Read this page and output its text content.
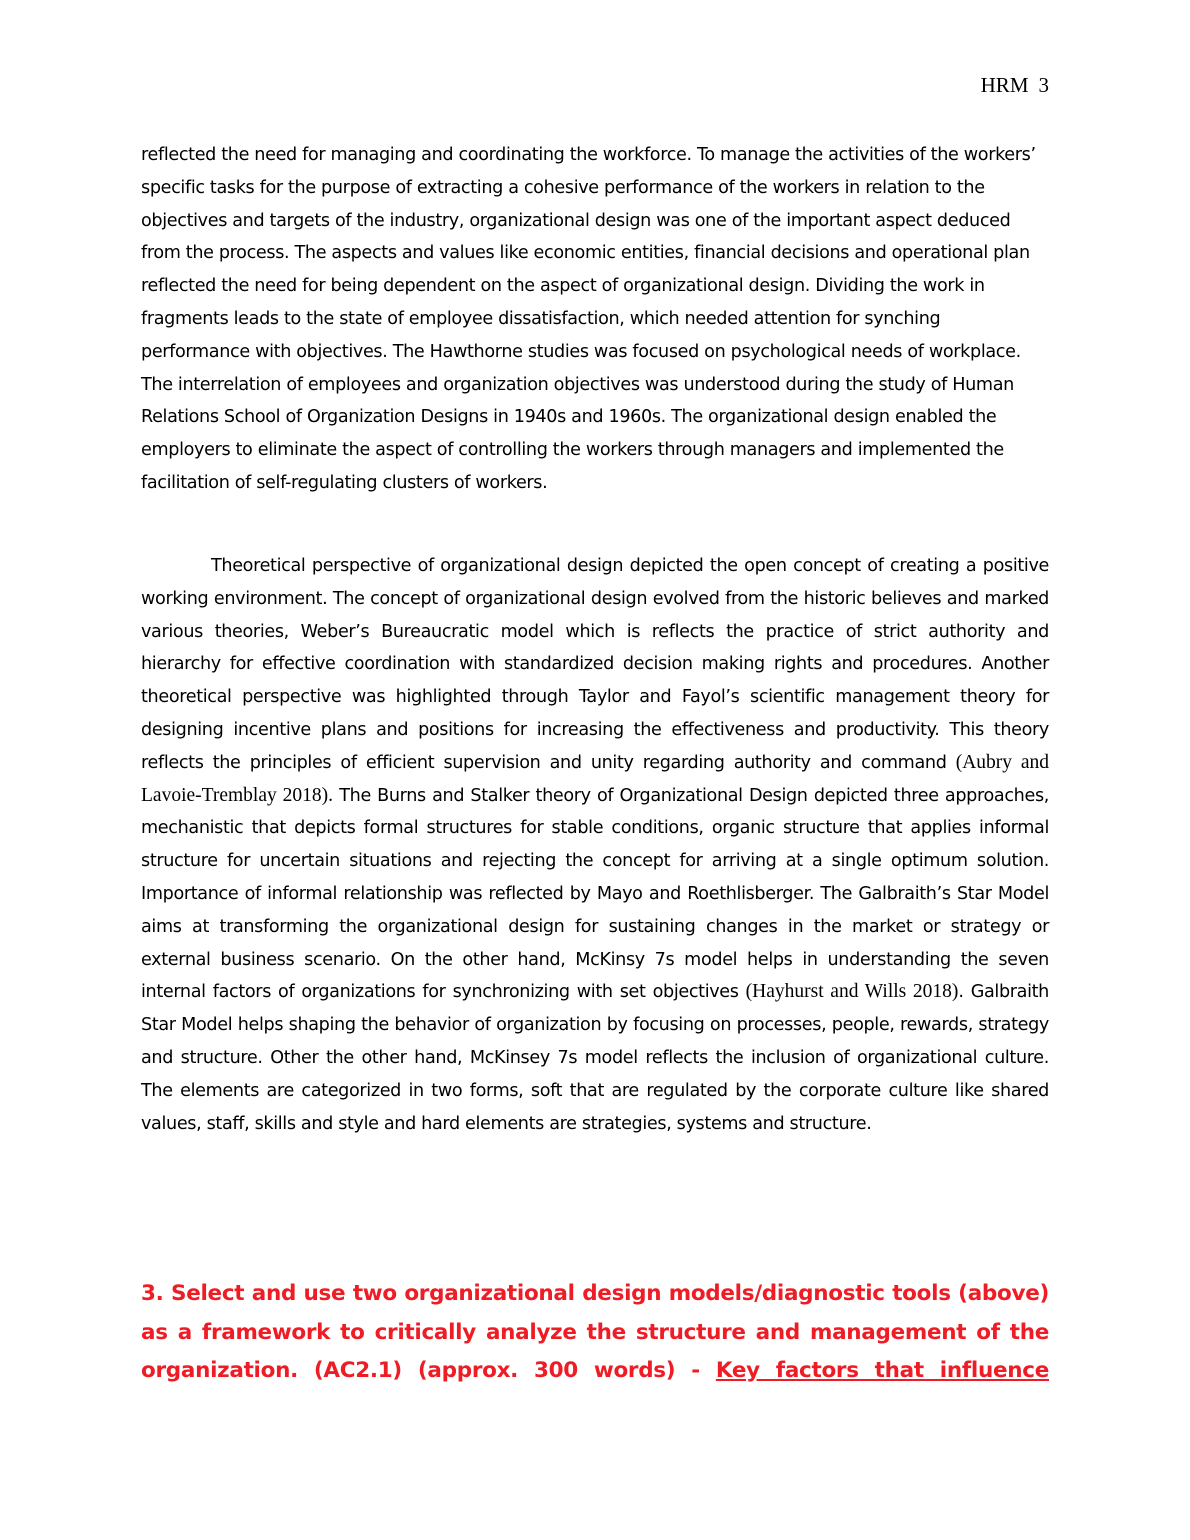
HRM 3

reflected the need for managing and coordinating the workforce. To manage the activities of the workers’ specific tasks for the purpose of extracting a cohesive performance of the workers in relation to the objectives and targets of the industry, organizational design was one of the important aspect deduced from the process. The aspects and values like economic entities, financial decisions and operational plan reflected the need for being dependent on the aspect of organizational design. Dividing the work in fragments leads to the state of employee dissatisfaction, which needed attention for synching performance with objectives. The Hawthorne studies was focused on psychological needs of workplace. The interrelation of employees and organization objectives was understood during the study of Human Relations School of Organization Designs in 1940s and 1960s. The organizational design enabled the employers to eliminate the aspect of controlling the workers through managers and implemented the facilitation of self-regulating clusters of workers.

Theoretical perspective of organizational design depicted the open concept of creating a positive working environment. The concept of organizational design evolved from the historic believes and marked various theories, Weber’s Bureaucratic model which is reflects the practice of strict authority and hierarchy for effective coordination with standardized decision making rights and procedures. Another theoretical perspective was highlighted through Taylor and Fayol’s scientific management theory for designing incentive plans and positions for increasing the effectiveness and productivity. This theory reflects the principles of efficient supervision and unity regarding authority and command (Aubry and Lavoie-Tremblay 2018). The Burns and Stalker theory of Organizational Design depicted three approaches, mechanistic that depicts formal structures for stable conditions, organic structure that applies informal structure for uncertain situations and rejecting the concept for arriving at a single optimum solution. Importance of informal relationship was reflected by Mayo and Roethlisberger. The Galbraith’s Star Model aims at transforming the organizational design for sustaining changes in the market or strategy or external business scenario. On the other hand, McKinsy 7s model helps in understanding the seven internal factors of organizations for synchronizing with set objectives (Hayhurst and Wills 2018). Galbraith Star Model helps shaping the behavior of organization by focusing on processes, people, rewards, strategy and structure. Other the other hand, McKinsey 7s model reflects the inclusion of organizational culture. The elements are categorized in two forms, soft that are regulated by the corporate culture like shared values, staff, skills and style and hard elements are strategies, systems and structure.

3. Select and use two organizational design models/diagnostic tools (above) as a framework to critically analyze the structure and management of the organization. (AC2.1) (approx. 300 words) - Key factors that influence
